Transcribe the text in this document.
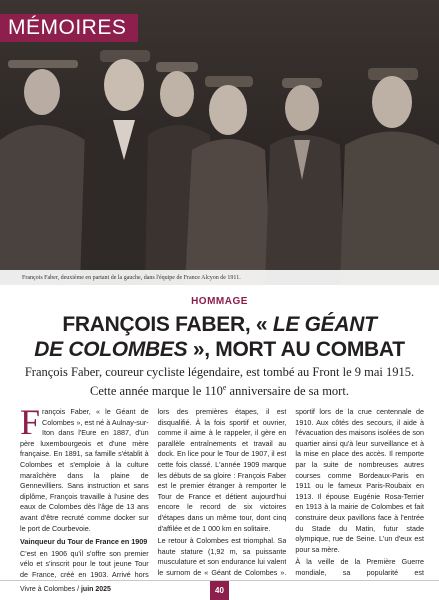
MÉMOIRES
François Faber, deuxième en partant de la gauche, dans l'équipe de France Alcyon de 1911.
HOMMAGE
FRANÇOIS FABER, « LE GÉANT
DE COLOMBES », MORT AU COMBAT
François Faber, coureur cycliste légendaire, est tombé au Front le 9 mai 1915.
Cette année marque le 110e anniversaire de sa mort.

François Faber, « le Géant de Colombes », est né à Aulnay-sur-Iton dans l'Eure en 1887, d'un père luxembourgeois et d'une mère française. En 1891, sa famille s'établit à Colombes et s'emploie à la culture maraîchère dans la plaine de Gennevilliers. Sans instruction et sans diplôme, François travaille à l'usine des eaux de Colombes dès l'âge de 13 ans avant d'être recruté comme docker sur le port de Courbevoie.

Vainqueur du Tour de France en 1909

C'est en 1906 qu'il s'offre son premier vélo et s'inscrit pour le tout jeune Tour de France, créé en 1903. Arrivé hors

lors des premières étapes, il est disqualifié. À la fois sportif et ouvrier, comme il aime à le rappeler, il gère en parallèle entraînements et travail au dock. En lice pour le Tour de 1907, il est cette fois classé. L'année 1909 marque les débuts de sa gloire : François Faber est le premier étranger à remporter le Tour de France et détient aujourd'hui encore le record de six victoires d'étapes dans un même tour, dont cinq d'affilée et de 1 000 km en solitaire.

Le retour à Colombes est triomphal. Sa haute stature (1,92 m, sa puissante musculature et son endurance lui valent le surnom de « Géant de Colombes ».

sportif lors de la crue centennale de 1910. Aux côtés des secours, il aide à l'évacuation des maisons isolées de son quartier ainsi qu'à leur surveillance et à la mise en place des accès. Il remporte par la suite de nombreuses autres courses comme Bordeaux-Paris en 1911 ou le fameux Paris-Roubaix en 1913. Il épouse Eugénie Rosa-Terrier en 1913 à la mairie de Colombes et fait construire deux pavillons face à l'entrée du Stade du Matin, futur stade olympique, rue de Seine. L'un d'eux est pour sa mère.

À la veille de la Première Guerre mondiale, sa popularité est

Vivre à Colombes / juin 2025	40
